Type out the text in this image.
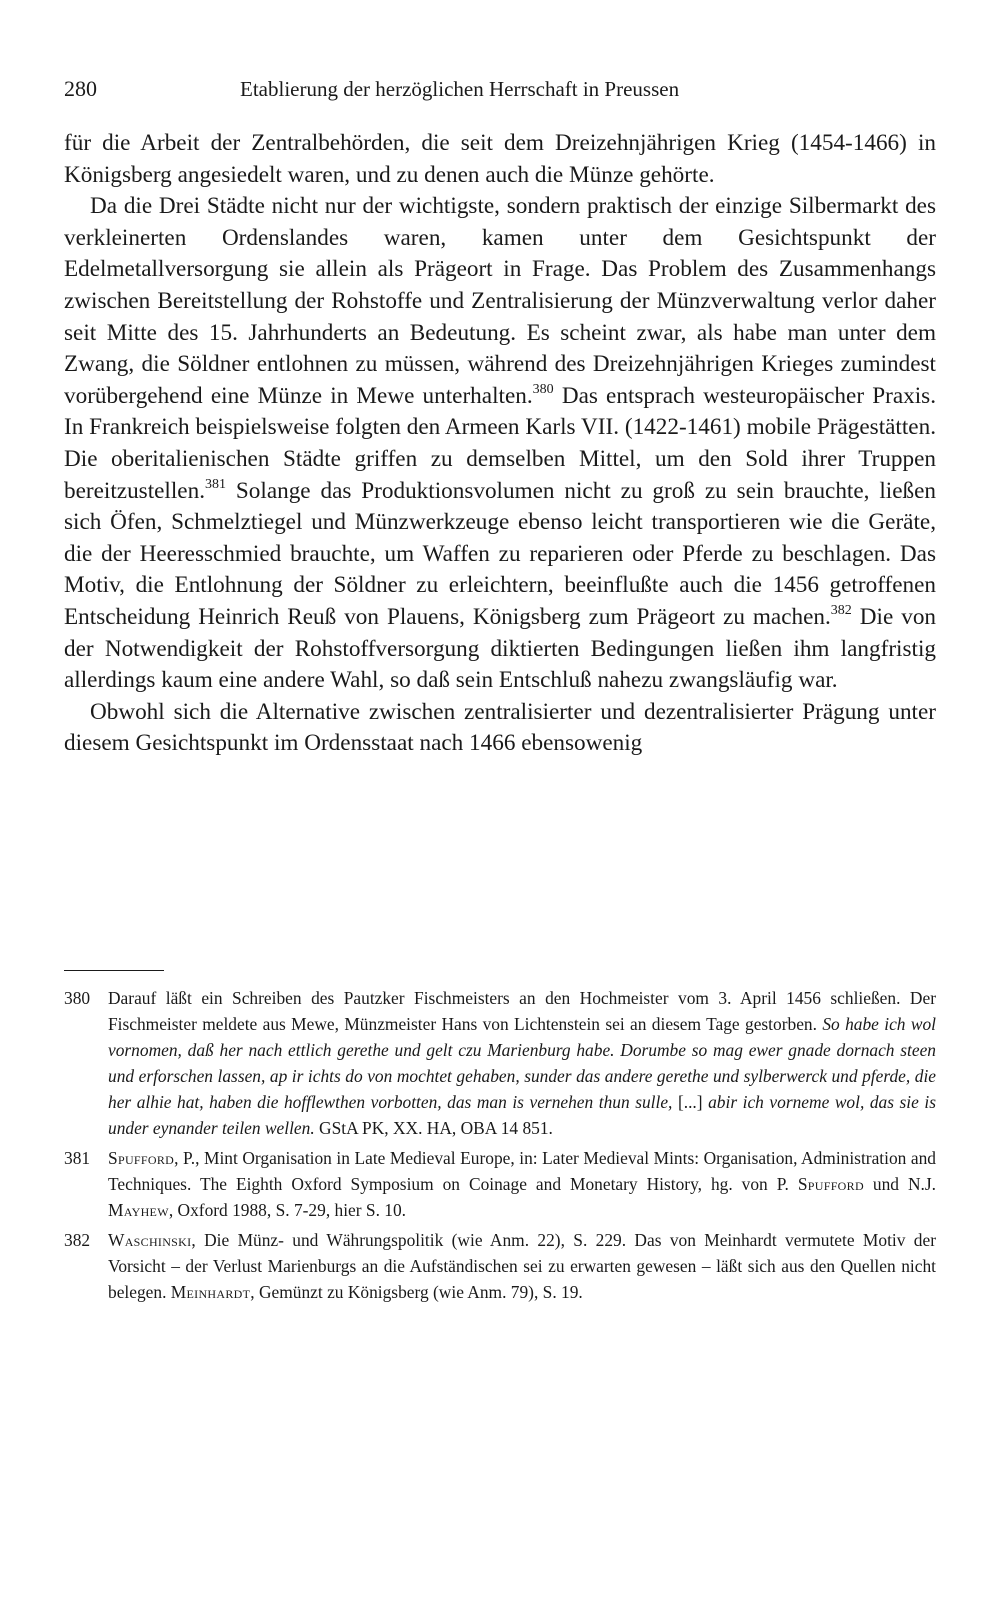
280	Etablierung der herzöglichen Herrschaft in Preussen

für die Arbeit der Zentralbehörden, die seit dem Dreizehnjährigen Krieg (1454-1466) in Königsberg angesiedelt waren, und zu denen auch die Münze gehörte.

Da die Drei Städte nicht nur der wichtigste, sondern praktisch der einzige Silbermarkt des verkleinerten Ordenslandes waren, kamen unter dem Gesichtspunkt der Edelmetallversorgung sie allein als Prägeort in Frage. Das Problem des Zusammenhangs zwischen Bereitstellung der Rohstoffe und Zentralisierung der Münzverwaltung verlor daher seit Mitte des 15. Jahrhunderts an Bedeutung. Es scheint zwar, als habe man unter dem Zwang, die Söldner entlohnen zu müssen, während des Dreizehnjährigen Krieges zumindest vorübergehend eine Münze in Mewe unterhalten.$^{380}$ Das entsprach westeuropäischer Praxis. In Frankreich beispielsweise folgten den Armeen Karls VII. (1422-1461) mobile Prägestätten. Die oberitalienischen Städte griffen zu demselben Mittel, um den Sold ihrer Truppen bereitzustellen.$^{381}$ Solange das Produktionsvolumen nicht zu groß zu sein brauchte, ließen sich Öfen, Schmelztiegel und Münzwerkzeuge ebenso leicht transportieren wie die Geräte, die der Heeresschmied brauchte, um Waffen zu reparieren oder Pferde zu beschlagen. Das Motiv, die Entlohnung der Söldner zu erleichtern, beeinflußte auch die 1456 getroffenen Entscheidung Heinrich Reuß von Plauens, Königsberg zum Prägeort zu machen.$^{382}$ Die von der Notwendigkeit der Rohstoffversorgung diktierten Bedingungen ließen ihm langfristig allerdings kaum eine andere Wahl, so daß sein Entschluß nahezu zwangsläufig war.

Obwohl sich die Alternative zwischen zentralisierter und dezentralisierter Prägung unter diesem Gesichtspunkt im Ordensstaat nach 1466 ebensowenig

380 Darauf läßt ein Schreiben des Pautzker Fischmeisters an den Hochmeister vom 3. April 1456 schließen. Der Fischmeister meldete aus Mewe, Münzmeister Hans von Lichtenstein sei an diesem Tage gestorben. So habe ich wol vornomen, daß her nach ettlich gerethe und gelt czu Marienburg habe. Dorumbe so mag ewer gnade dornach steen und erforschen lassen, ap ir ichts do von mochtet gehaben, sunder das andere gerethe und sylberwerck und pferde, die her alhie hat, haben die hofflewthen vorbotten, das man is vernehen thun sulle, [...] abir ich vorneme wol, das sie is under eynander teilen wellen. GStA PK, XX. HA, OBA 14 851.
381 Spufford, P., Mint Organisation in Late Medieval Europe, in: Later Medieval Mints: Organisation, Administration and Techniques. The Eighth Oxford Symposium on Coinage and Monetary History, hg. von P. Spufford und N.J. Mayhew, Oxford 1988, S. 7-29, hier S. 10.
382 Waschinski, Die Münz- und Währungspolitik (wie Anm. 22), S. 229. Das von Meinhardt vermutete Motiv der Vorsicht – der Verlust Marienburgs an die Aufständischen sei zu erwarten gewesen – läßt sich aus den Quellen nicht belegen. Meinhardt, Gemünzt zu Königsberg (wie Anm. 79), S. 19.
